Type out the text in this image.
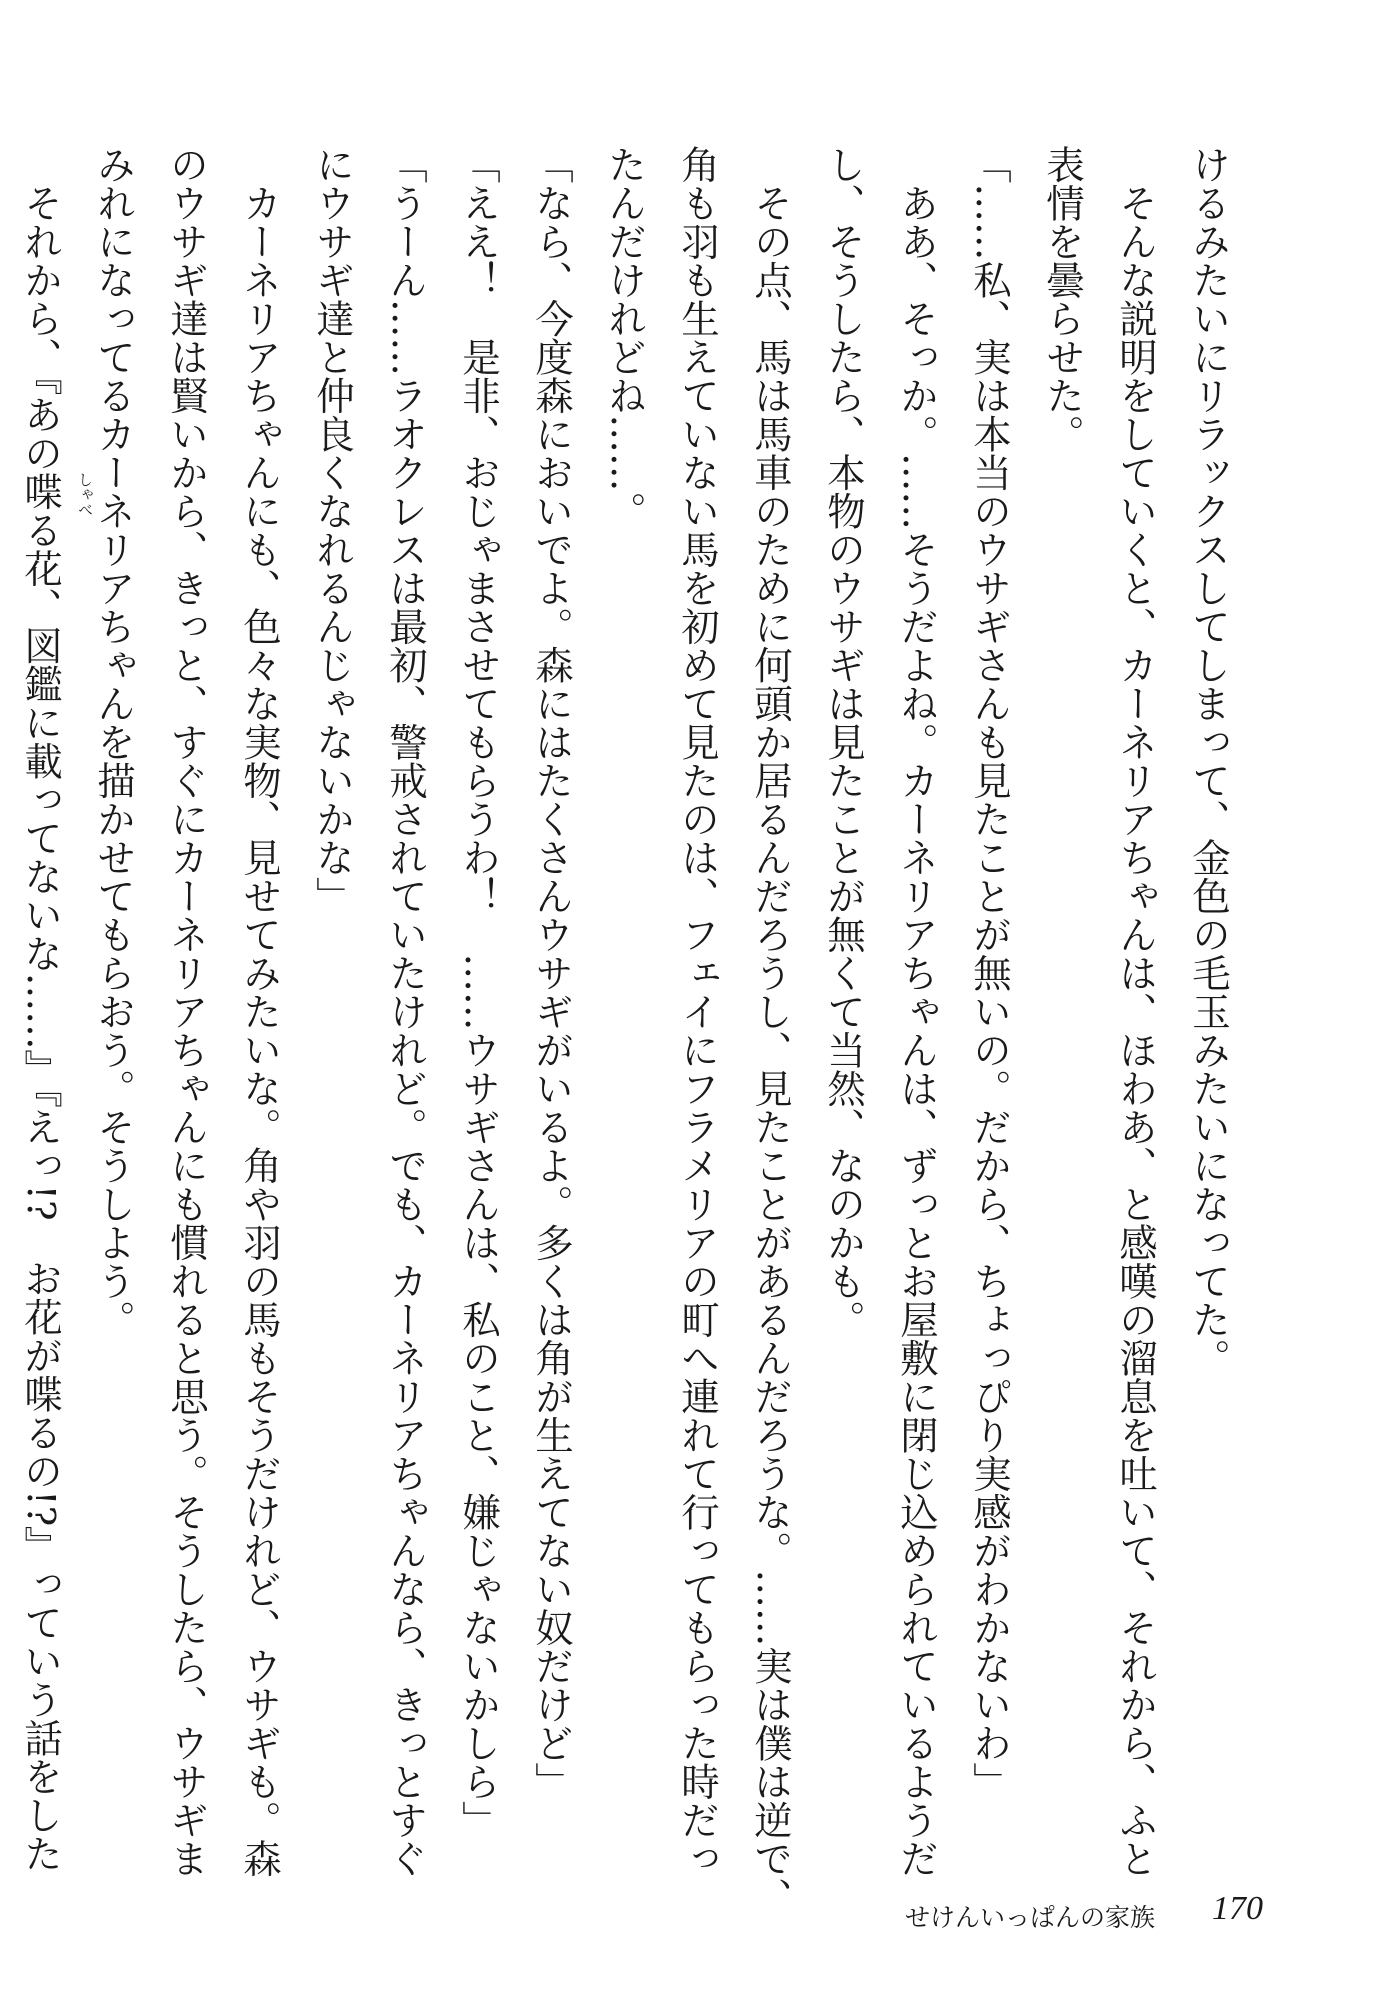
けるみたいにリラックスしてしまって、金色の毛玉みたいになってた。

　そんな説明をしていくと、カーネリアちゃんは、ほわあ、と感嘆の溜息を吐いて、それから、ふと

表情を曇らせた。

「……私、実は本当のウサギさんも見たことが無いの。だから、ちょっぴり実感がわかないわ」

　ああ、そっか。……そうだよね。カーネリアちゃんは、ずっとお屋敷に閉じ込められているようだ

し、そうしたら、本物のウサギは見たことが無くて当然、なのかも。

　その点、馬は馬車のために何頭か居るんだろうし、見たことがあるんだろうな。……実は僕は逆で、

角も羽も生えていない馬を初めて見たのは、フェイにフラメリアの町へ連れて行ってもらった時だっ

たんだけれどね……。

「なら、今度森においでよ。森にはたくさんウサギがいるよ。多くは角が生えてない奴だけど」

「ええ！　是非、おじゃまさせてもらうわ！　……ウサギさんは、私のこと、嫌じゃないかしら」

「うーん……ラオクレスは最初、警戒されていたけれど。でも、カーネリアちゃんなら、きっとすぐ

にウサギ達と仲良くなれるんじゃないかな」

　カーネリアちゃんにも、色々な実物、見せてみたいな。角や羽の馬もそうだけれど、ウサギも。森

のウサギ達は賢いから、きっと、すぐにカーネリアちゃんにも慣れると思う。そうしたら、ウサギま

みれになってるカーネリアちゃんを描かせてもらおう。そうしよう。

　それから、『あの喋 しゃべ
る花、図鑑に載ってないな……』『えっ!?　お花が喋るの!?』っていう話をした

せけんいっぱんの家族 170
